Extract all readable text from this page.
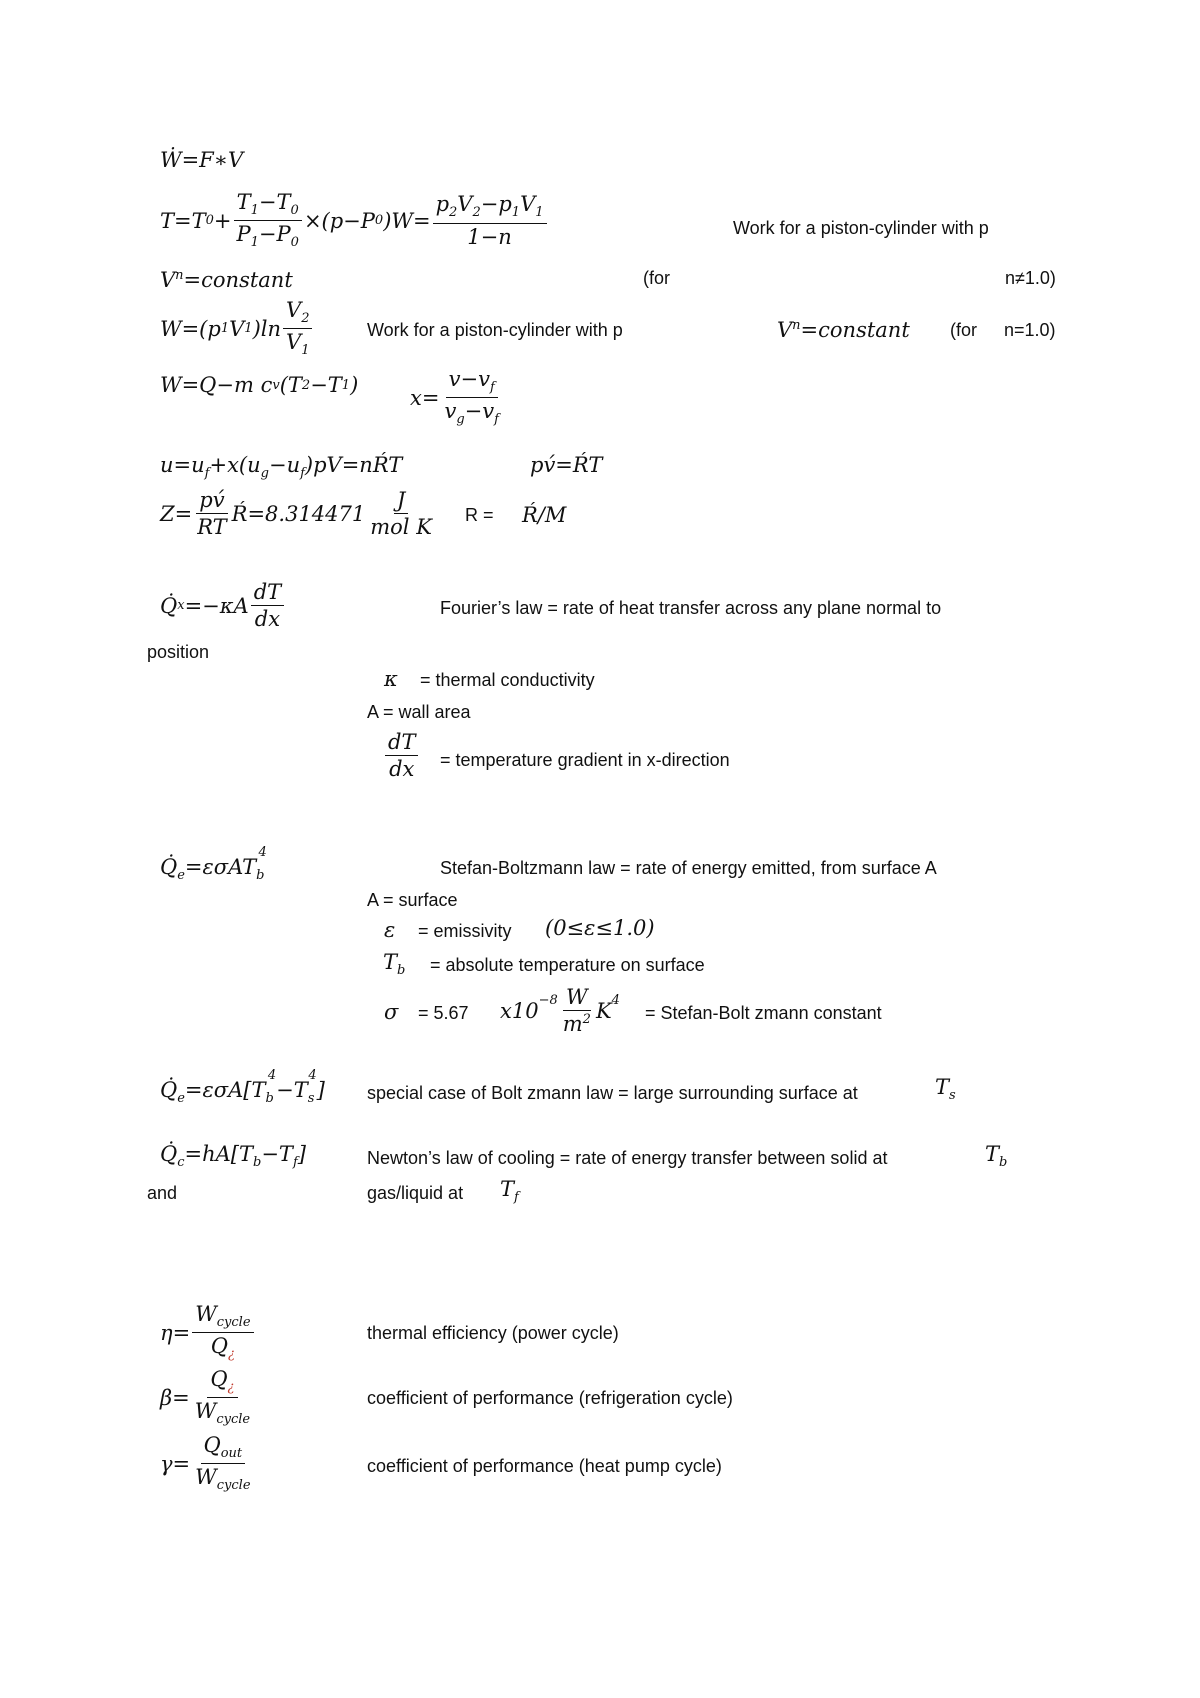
Ẇ=F∗V
T=T $0 + \frac{T_1-T_0}{P_1-P_0} \times(p-P$ 0 )$W= \frac{p_2V_2-p_1V_1}{1-n}$	Work for a piston-cylinder with p
$V^n=constant$	(for	n≠1.0)
W=(p 1 V 1 ) $\ln \frac{V_2}{V_1}$	Work for a piston-cylinder with p	$V^n=constant$ (for n=1.0)
W=Q−m c v (T 2 −T 1 )
$x= \frac{v-v_f}{v_g-v_f}$
$u=u_f+x(u_g-u_f)pV=nŔT$	pv́=ŔT
$Z= \frac{pv́}{RT}$ Ŕ=8.314471 $\frac{J}{\text{mol K}}$ R = Ŕ/M
Q̇ $x =-\kappa A \frac{dT}{dx}$	Fourier’s law = rate of heat transfer across any plane normal to
position
κ = thermal conductivity
A = wall area
$\frac{dT}{dx}$ = temperature gradient in x-direction
$Q̇_e=\varepsilon\sigma AT_b^4$
Stefan-Boltzmann law = rate of energy emitted, from surface A
A = surface
ε = emissivity (0≤ε≤1.0)
$T_b$ = absolute temperature on surface
σ = 5.67 $x10^{-8} \frac{W}{m^2} K^4$
= Stefan-Bolt zmann constant
$Q̇_e=\varepsilon\sigma A[T_b^4-T_s^4]$ special case of Bolt zmann law = large surrounding surface at	$T_s$
$Q̇_c=hA[T_b-T_f]$	Newton’s law of cooling = rate of energy transfer between solid at	$T_b$
and	gas/liquid at $T_f$
$\eta= \frac{W_{cycle}}{Q_¿}$	thermal efficiency (power cycle)
$\beta= \frac{Q_¿}{W_{cycle}}$	coefficient of performance (refrigeration cycle)
$\gamma= \frac{Q_{out}}{W_{cycle}}$	coefficient of performance (heat pump cycle)
